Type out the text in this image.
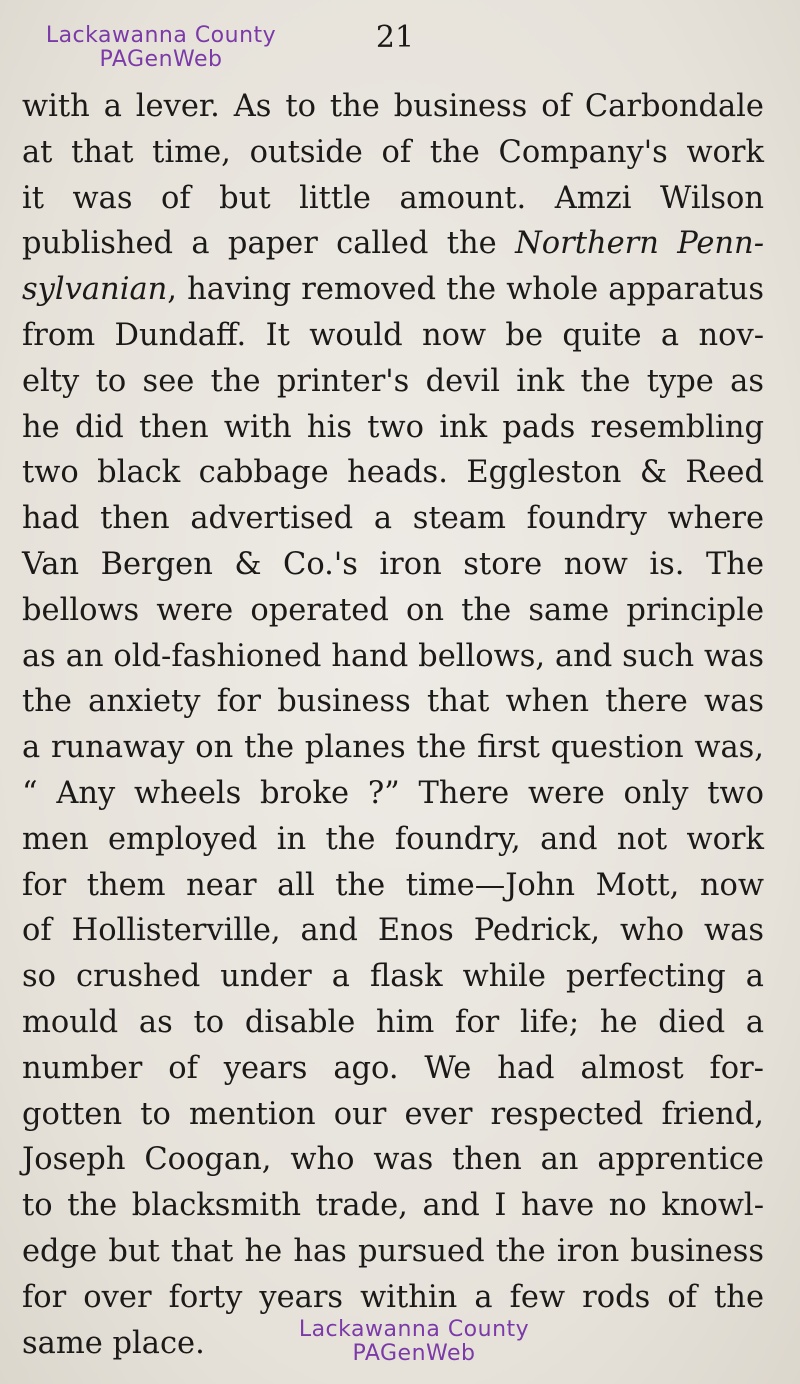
Lackawanna County
PAGenWeb
21
with a lever. As to the business of Carbondale
at that time, outside of the Company's work
it was of but little amount. Amzi Wilson
published a paper called the Northern Penn-
sylvanian, having removed the whole apparatus
from Dundaff. It would now be quite a nov-
elty to see the printer's devil ink the type as
he did then with his two ink pads resembling
two black cabbage heads. Eggleston & Reed
had then advertised a steam foundry where
Van Bergen & Co.'s iron store now is. The
bellows were operated on the same principle
as an old-fashioned hand bellows, and such was
the anxiety for business that when there was
a runaway on the planes the first question was,
“ Any wheels broke ?” There were only two
men employed in the foundry, and not work
for them near all the time—John Mott, now
of Hollisterville, and Enos Pedrick, who was
so crushed under a flask while perfecting a
mould as to disable him for life; he died a
number of years ago. We had almost for-
gotten to mention our ever respected friend,
Joseph Coogan, who was then an apprentice
to the blacksmith trade, and I have no knowl-
edge but that he has pursued the iron business
for over forty years within a few rods of the
same place.	Lackawanna County
PAGenWeb
